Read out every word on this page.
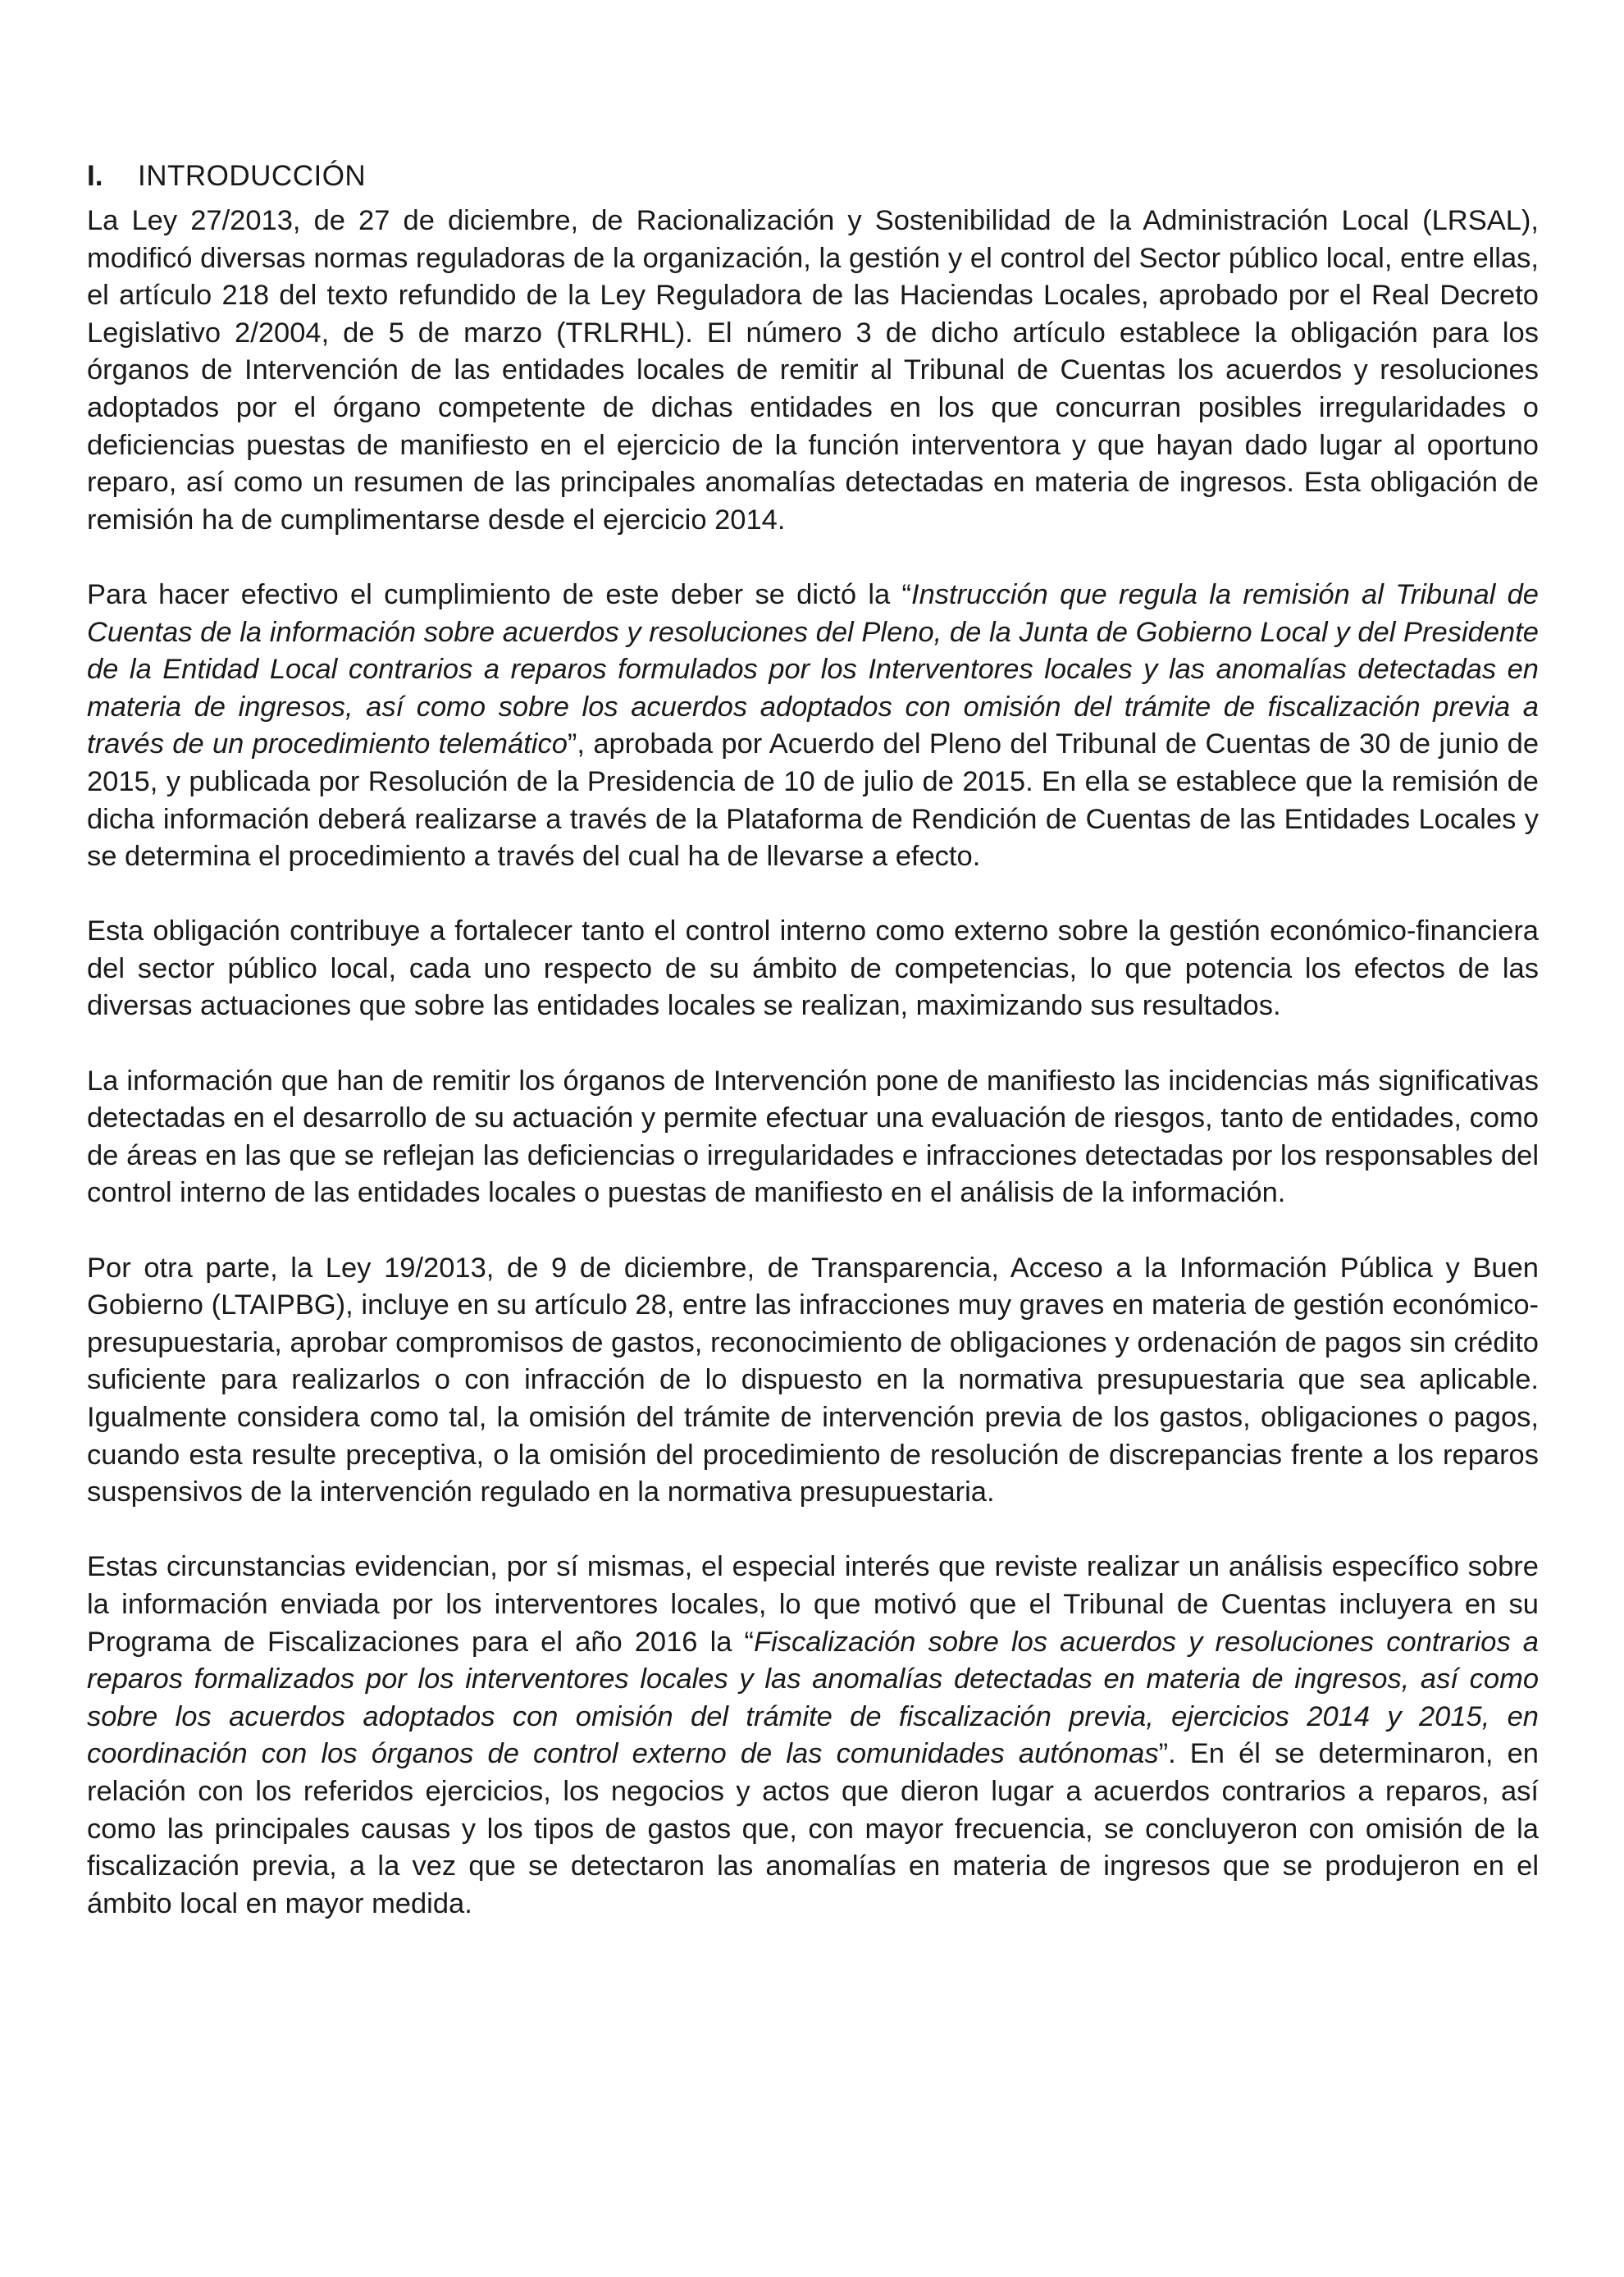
I.	INTRODUCCIÓN

La Ley 27/2013, de 27 de diciembre, de Racionalización y Sostenibilidad de la Administración Local (LRSAL), modificó diversas normas reguladoras de la organización, la gestión y el control del Sector público local, entre ellas, el artículo 218 del texto refundido de la Ley Reguladora de las Haciendas Locales, aprobado por el Real Decreto Legislativo 2/2004, de 5 de marzo (TRLRHL). El número 3 de dicho artículo establece la obligación para los órganos de Intervención de las entidades locales de remitir al Tribunal de Cuentas los acuerdos y resoluciones adoptados por el órgano competente de dichas entidades en los que concurran posibles irregularidades o deficiencias puestas de manifiesto en el ejercicio de la función interventora y que hayan dado lugar al oportuno reparo, así como un resumen de las principales anomalías detectadas en materia de ingresos. Esta obligación de remisión ha de cumplimentarse desde el ejercicio 2014.

Para hacer efectivo el cumplimiento de este deber se dictó la “Instrucción que regula la remisión al Tribunal de Cuentas de la información sobre acuerdos y resoluciones del Pleno, de la Junta de Gobierno Local y del Presidente de la Entidad Local contrarios a reparos formulados por los Interventores locales y las anomalías detectadas en materia de ingresos, así como sobre los acuerdos adoptados con omisión del trámite de fiscalización previa a través de un procedimiento telemático”, aprobada por Acuerdo del Pleno del Tribunal de Cuentas de 30 de junio de 2015, y publicada por Resolución de la Presidencia de 10 de julio de 2015. En ella se establece que la remisión de dicha información deberá realizarse a través de la Plataforma de Rendición de Cuentas de las Entidades Locales y se determina el procedimiento a través del cual ha de llevarse a efecto.

Esta obligación contribuye a fortalecer tanto el control interno como externo sobre la gestión económico-financiera del sector público local, cada uno respecto de su ámbito de competencias, lo que potencia los efectos de las diversas actuaciones que sobre las entidades locales se realizan, maximizando sus resultados.

La información que han de remitir los órganos de Intervención pone de manifiesto las incidencias más significativas detectadas en el desarrollo de su actuación y permite efectuar una evaluación de riesgos, tanto de entidades, como de áreas en las que se reflejan las deficiencias o irregularidades e infracciones detectadas por los responsables del control interno de las entidades locales o puestas de manifiesto en el análisis de la información.

Por otra parte, la Ley 19/2013, de 9 de diciembre, de Transparencia, Acceso a la Información Pública y Buen Gobierno (LTAIPBG), incluye en su artículo 28, entre las infracciones muy graves en materia de gestión económico-presupuestaria, aprobar compromisos de gastos, reconocimiento de obligaciones y ordenación de pagos sin crédito suficiente para realizarlos o con infracción de lo dispuesto en la normativa presupuestaria que sea aplicable. Igualmente considera como tal, la omisión del trámite de intervención previa de los gastos, obligaciones o pagos, cuando esta resulte preceptiva, o la omisión del procedimiento de resolución de discrepancias frente a los reparos suspensivos de la intervención regulado en la normativa presupuestaria.

Estas circunstancias evidencian, por sí mismas, el especial interés que reviste realizar un análisis específico sobre la información enviada por los interventores locales, lo que motivó que el Tribunal de Cuentas incluyera en su Programa de Fiscalizaciones para el año 2016 la “Fiscalización sobre los acuerdos y resoluciones contrarios a reparos formalizados por los interventores locales y las anomalías detectadas en materia de ingresos, así como sobre los acuerdos adoptados con omisión del trámite de fiscalización previa, ejercicios 2014 y 2015, en coordinación con los órganos de control externo de las comunidades autónomas”. En él se determinaron, en relación con los referidos ejercicios, los negocios y actos que dieron lugar a acuerdos contrarios a reparos, así como las principales causas y los tipos de gastos que, con mayor frecuencia, se concluyeron con omisión de la fiscalización previa, a la vez que se detectaron las anomalías en materia de ingresos que se produjeron en el ámbito local en mayor medida.
